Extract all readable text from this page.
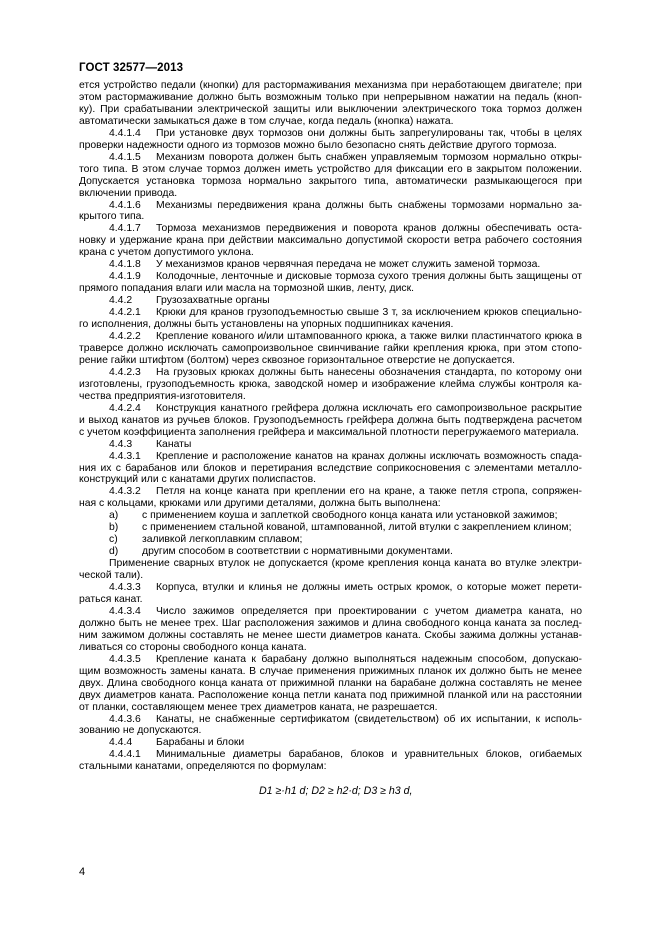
ГОСТ 32577—2013

ется устройство педали (кнопки) для растормаживания механизма при неработающем двигателе; при этом растормаживание должно быть возможным только при непрерывном нажатии на педаль (кноп-ку). При срабатывании электрической защиты или выключении электрического тока тормоз должен автоматически замыкаться даже в том случае, когда педаль (кнопка) нажата.

4.4.1.4 При установке двух тормозов они должны быть запрегулированы так, чтобы в целях проверки надежности одного из тормозов можно было безопасно снять действие другого тормоза.

4.4.1.5 Механизм поворота должен быть снабжен управляемым тормозом нормально откры-того типа. В этом случае тормоз должен иметь устройство для фиксации его в закрытом положении. Допускается установка тормоза нормально закрытого типа, автоматически размыкающегося при включении привода.

4.4.1.6 Механизмы передвижения крана должны быть снабжены тормозами нормально за-крытого типа.

4.4.1.7 Тормоза механизмов передвижения и поворота кранов должны обеспечивать оста-новку и удержание крана при действии максимально допустимой скорости ветра рабочего состояния крана с учетом допустимого уклона.

4.4.1.8 У механизмов кранов червячная передача не может служить заменой тормоза.

4.4.1.9 Колодочные, ленточные и дисковые тормоза сухого трения должны быть защищены от прямого попадания влаги или масла на тормозной шкив, ленту, диск.

4.4.2 Грузозахватные органы

4.4.2.1 Крюки для кранов грузоподъемностью свыше 3 т, за исключением крюков специально-го исполнения, должны быть установлены на упорных подшипниках качения.

4.4.2.2 Крепление кованого и/или штампованного крюка, а также вилки пластинчатого крюка в траверсе должно исключать самопроизвольное свинчивание гайки крепления крюка, при этом стопо-рение гайки штифтом (болтом) через сквозное горизонтальное отверстие не допускается.

4.4.2.3 На грузовых крюках должны быть нанесены обозначения стандарта, по которому они изготовлены, грузоподъемность крюка, заводской номер и изображение клейма службы контроля ка-чества предприятия-изготовителя.

4.4.2.4 Конструкция канатного грейфера должна исключать его самопроизвольное раскрытие и выход канатов из ручьев блоков. Грузоподъемность грейфера должна быть подтверждена расчетом с учетом коэффициента заполнения грейфера и максимальной плотности перегружаемого материала.

4.4.3 Канаты

4.4.3.1 Крепление и расположение канатов на кранах должны исключать возможность спада-ния их с барабанов или блоков и перетирания вследствие соприкосновения с элементами металло-конструкций или с канатами других полиспастов.

4.4.3.2 Петля на конце каната при креплении его на кране, а также петля стропа, сопряжен-ная с кольцами, крюками или другими деталями, должна быть выполнена:

a)	с применением коуша и заплеткой свободного конца каната или установкой зажимов;
b)	с применением стальной кованой, штампованной, литой втулки с закреплением клином;
c)	заливкой легкоплавким сплавом;
d)	другим способом в соответствии с нормативными документами.

Применение сварных втулок не допускается (кроме крепления конца каната во втулке электри-ческой тали).

4.4.3.3 Корпуса, втулки и клинья не должны иметь острых кромок, о которые может перети-раться канат.

4.4.3.4 Число зажимов определяется при проектировании с учетом диаметра каната, но должно быть не менее трех. Шаг расположения зажимов и длина свободного конца каната за послед-ним зажимом должны составлять не менее шести диаметров каната. Скобы зажима должны устанав-ливаться со стороны свободного конца каната.

4.4.3.5 Крепление каната к барабану должно выполняться надежным способом, допускаю-щим возможность замены каната. В случае применения прижимных планок их должно быть не менее двух. Длина свободного конца каната от прижимной планки на барабане должна составлять не менее двух диаметров каната. Расположение конца петли каната под прижимной планкой или на расстоянии от планки, составляющем менее трех диаметров каната, не разрешается.

4.4.3.6 Канаты, не снабженные сертификатом (свидетельством) об их испытании, к исполь-зованию не допускаются.

4.4.4 Барабаны и блоки

4.4.4.1 Минимальные диаметры барабанов, блоков и уравнительных блоков, огибаемых стальными канатами, определяются по формулам:

D1 ≥·h1 d; D2 ≥ h2·d; D3 ≥ h3 d,
4
